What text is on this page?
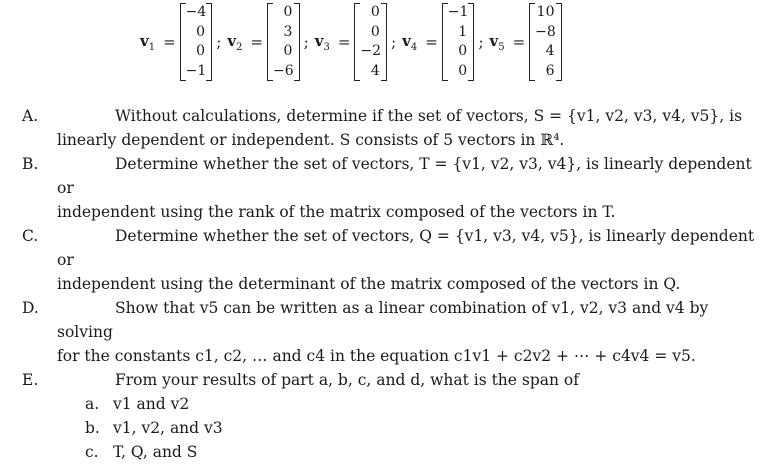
$v_1$ =
−4
0
0
−1
; $v_2$ =
0
3
0
−6
; $v_3$ =
0
0
−2
4
; $v_4$ =
−1
1
0
0
; $v_5$ =
10
−8
4
6
A.	Without calculations, determine if the set of vectors, S = {v1, v2, v3, v4, v5}, is
linearly dependent or independent. S consists of 5 vectors in ℝ⁴.
B.	Determine whether the set of vectors, T = {v1, v2, v3, v4}, is linearly dependent or
independent using the rank of the matrix composed of the vectors in T.
C.	Determine whether the set of vectors, Q = {v1, v3, v4, v5}, is linearly dependent or
independent using the determinant of the matrix composed of the vectors in Q.
D.	Show that v5 can be written as a linear combination of v1, v2, v3 and v4 by solving
for the constants c1, c2, … and c4 in the equation c1v1 + c2v2 + ⋯ + c4v4 = v5.
E.	From your results of part a, b, c, and d, what is the span of
a. v1 and v2
b. v1, v2, and v3
c. T, Q, and S
